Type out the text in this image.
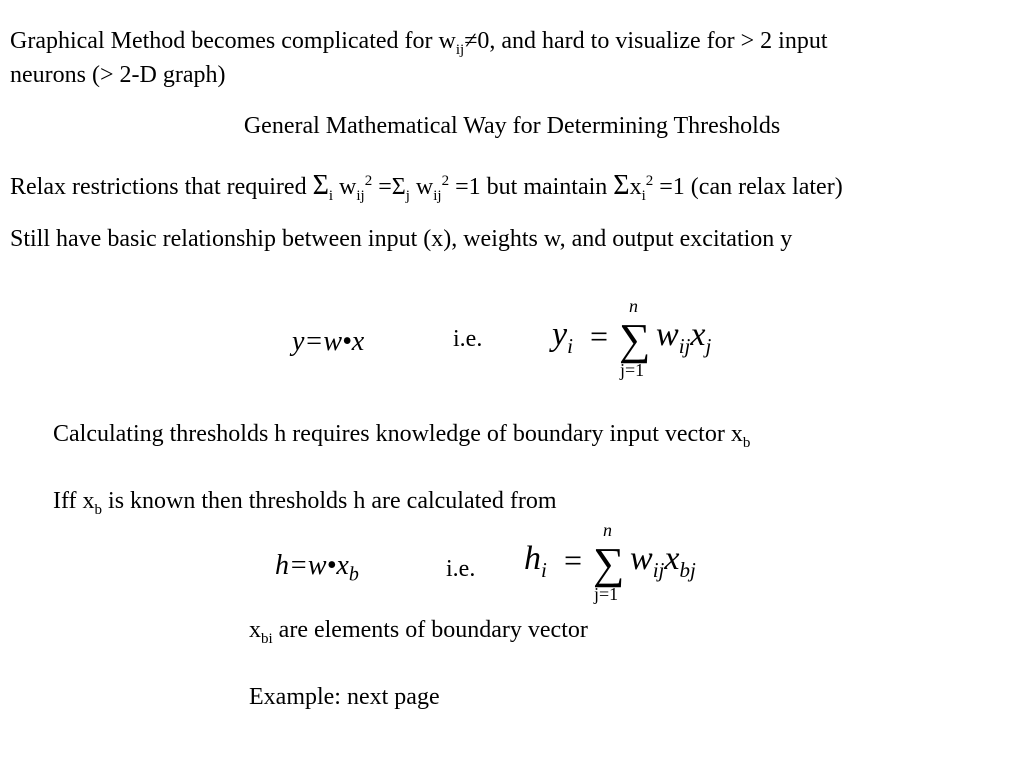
Graphical Method becomes complicated for $w_{ij}\ne 0$, and hard to visualize for > 2 input
neurons (> 2-D graph)
General Mathematical Way for Determining Thresholds
Relax restrictions that required $\Sigma_i$ $w_{ij}^2 =\Sigma_j$ $w_{ij}^2 =1$ but maintain $\Sigma x_i^2 =1$ (can relax later)
Still have basic relationship between input (x), weights w, and output excitation y
y=w•x	i.e. $y_i$ =
n
∑
j=1
$w_{ij}x_j$
Calculating thresholds h requires knowledge of boundary input vector $x_b$
Iff $x_b$ is known then thresholds h are calculated from
$h=w•x_b$	i.e. $h_i$ =
n
∑
j=1
$w_{ij}x_{bj}$
$x_{bi}$ are elements of boundary vector
Example: next page
